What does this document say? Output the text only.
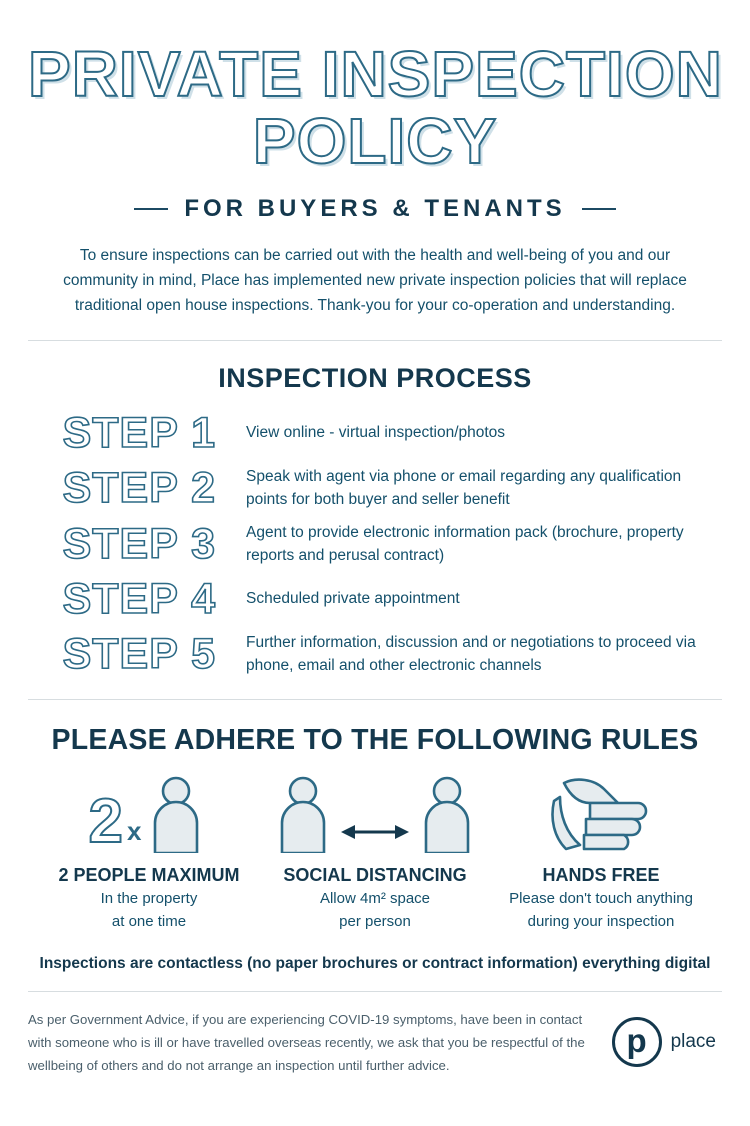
PRIVATE INSPECTION
POLICY
FOR BUYERS & TENANTS
To ensure inspections can be carried out with the health and well-being of you and our community in mind, Place has implemented new private inspection policies that will replace traditional open house inspections. Thank-you for your co-operation and understanding.
INSPECTION PROCESS
STEP 1	View online - virtual inspection/photos
STEP 2	Speak with agent via phone or email regarding any qualification points for both buyer and seller benefit
STEP 3	Agent to provide electronic information pack (brochure, property reports and perusal contract)
STEP 4	Scheduled private appointment
STEP 5	Further information, discussion and or negotiations to proceed via phone, email and other electronic channels
PLEASE ADHERE TO THE FOLLOWING RULES
2 x
2 PEOPLE MAXIMUM
In the property
at one time
SOCIAL DISTANCING
Allow 4m² space
per person
HANDS FREE
Please don't touch anything
during your inspection
Inspections are contactless (no paper brochures or contract information) everything digital
As per Government Advice, if you are experiencing COVID-19 symptoms, have been in contact with someone who is ill or have travelled overseas recently, we ask that you be respectful of the wellbeing of others and do not arrange an inspection until further advice.
p place
